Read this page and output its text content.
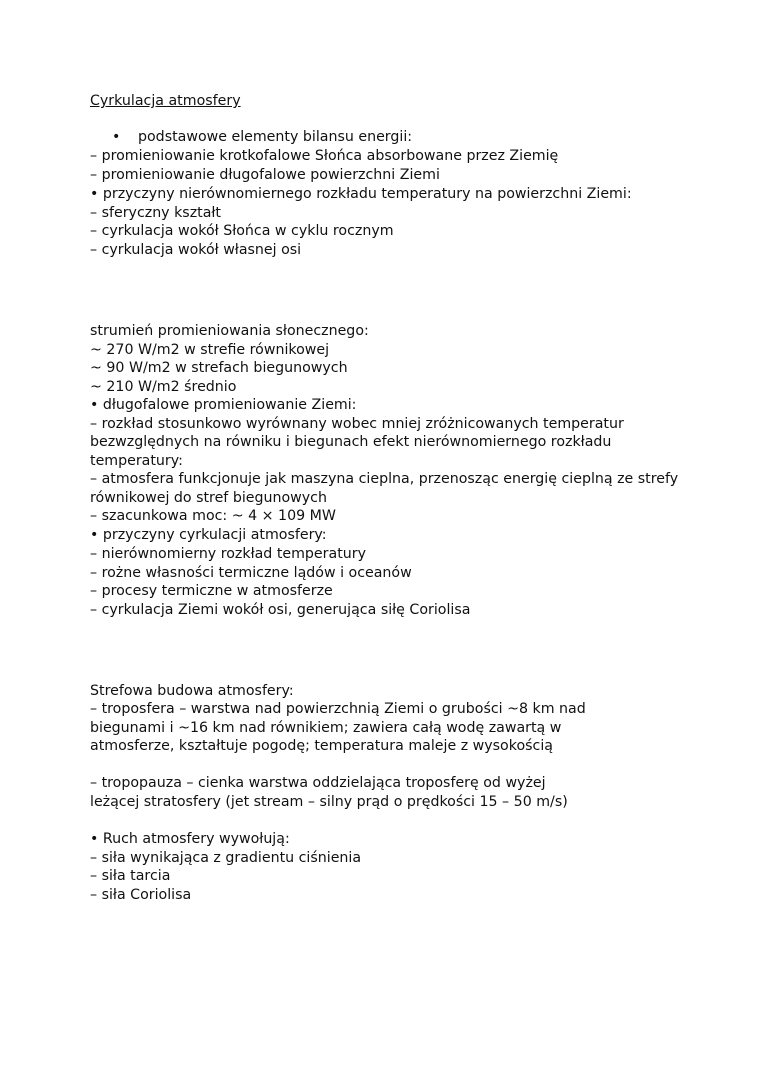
Cyrkulacja atmosfery
• podstawowe elementy bilansu energii:
– promieniowanie krotkofalowe Słońca absorbowane przez Ziemię
– promieniowanie długofalowe powierzchni Ziemi
• przyczyny nierównomiernego rozkładu temperatury na powierzchni Ziemi:
– sferyczny kształt
– cyrkulacja wokół Słońca w cyklu rocznym
– cyrkulacja wokół własnej osi
strumień promieniowania słonecznego:
~ 270 W/m2 w strefie równikowej
~ 90 W/m2 w strefach biegunowych
~ 210 W/m2 średnio
• długofalowe promieniowanie Ziemi:
– rozkład stosunkowo wyrównany wobec mniej zróżnicowanych temperatur
bezwzględnych na równiku i biegunach efekt nierównomiernego rozkładu
temperatury:
– atmosfera funkcjonuje jak maszyna cieplna, przenosząc energię cieplną ze strefy
równikowej do stref biegunowych
– szacunkowa moc: ~ 4 × 109 MW
• przyczyny cyrkulacji atmosfery:
– nierównomierny rozkład temperatury
– rożne własności termiczne lądów i oceanów
– procesy termiczne w atmosferze
– cyrkulacja Ziemi wokół osi, generująca siłę Coriolisa
Strefowa budowa atmosfery:
– troposfera – warstwa nad powierzchnią Ziemi o grubości ~8 km nad
biegunami i ~16 km nad równikiem; zawiera całą wodę zawartą w
atmosferze, kształtuje pogodę; temperatura maleje z wysokością
– tropopauza – cienka warstwa oddzielająca troposferę od wyżej
leżącej stratosfery (jet stream – silny prąd o prędkości 15 – 50 m/s)
• Ruch atmosfery wywołują:
– siła wynikająca z gradientu ciśnienia
– siła tarcia
– siła Coriolisa
